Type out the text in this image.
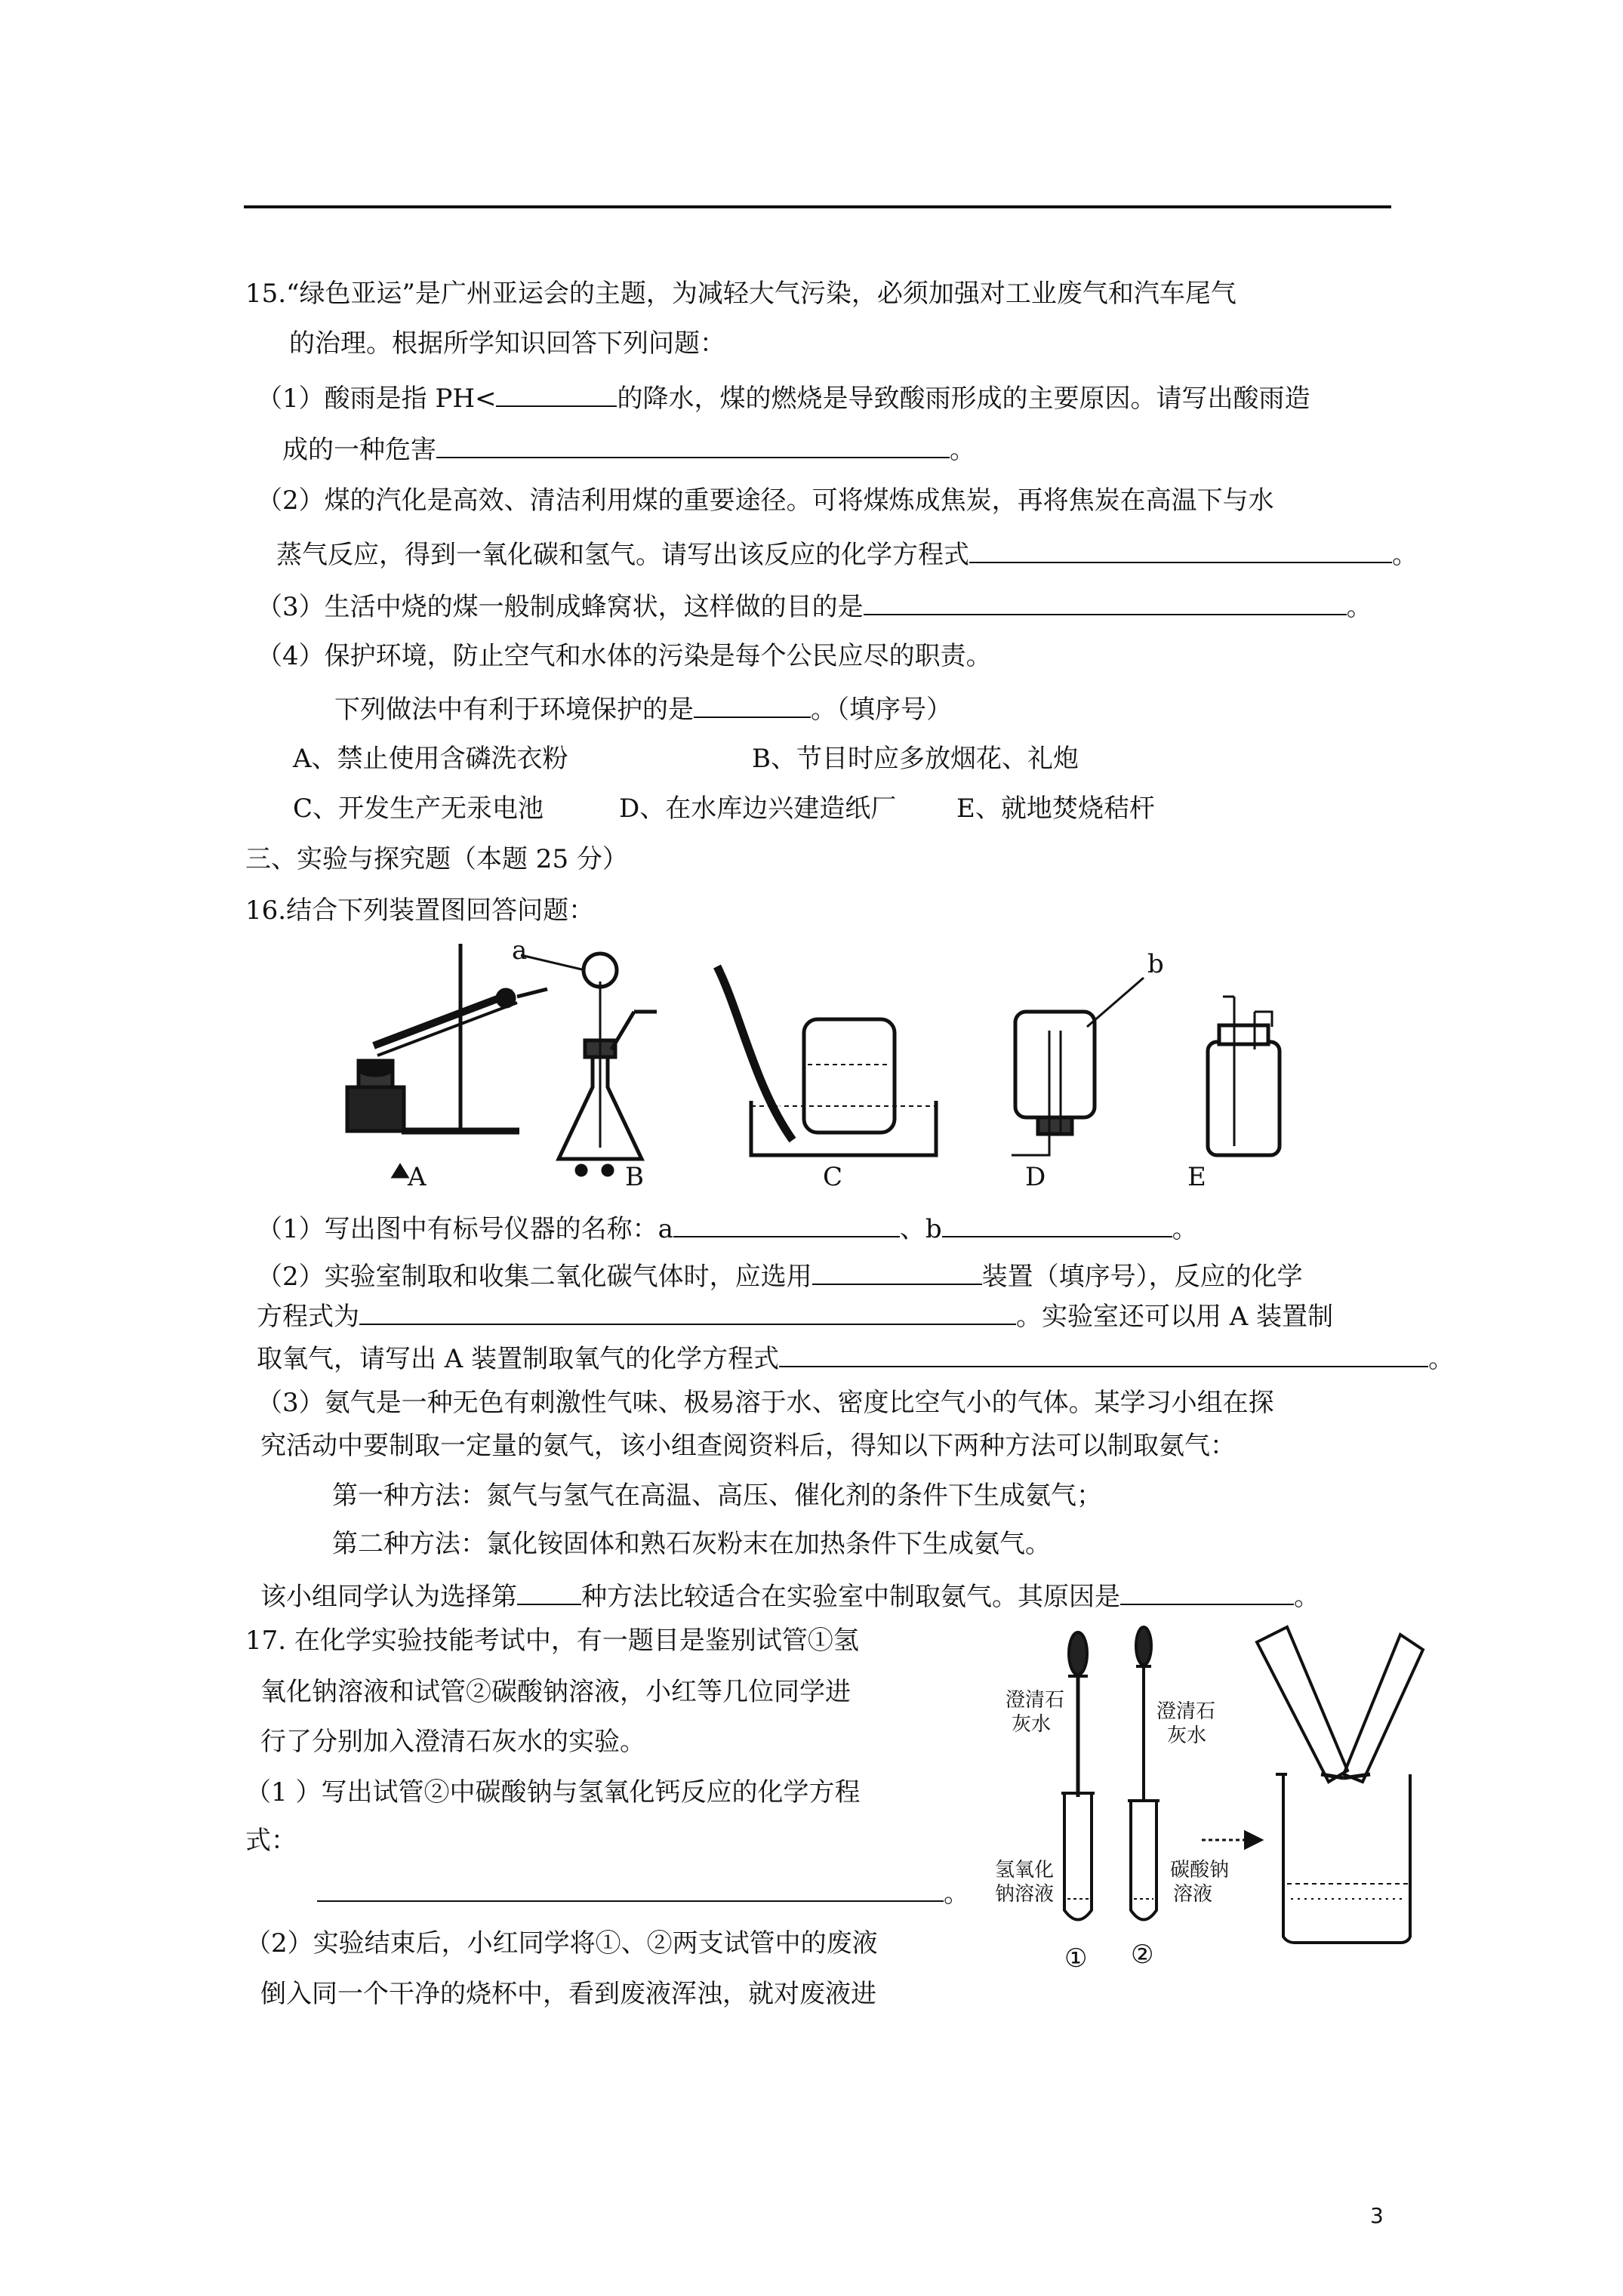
15.“绿色亚运”是广州亚运会的主题，为减轻大气污染，必须加强对工业废气和汽车尾气
的治理。根据所学知识回答下列问题：
（1）酸雨是指 PH<	的降水，煤的燃烧是导致酸雨形成的主要原因。请写出酸雨造
成的一种危害	。
（2）煤的汽化是高效、清洁利用煤的重要途径。可将煤炼成焦炭，再将焦炭在高温下与水
蒸气反应，得到一氧化碳和氢气。请写出该反应的化学方程式	。
（3）生活中烧的煤一般制成蜂窝状，这样做的目的是	。
（4）保护环境，防止空气和水体的污染是每个公民应尽的职责。
下列做法中有利于环境保护的是	。（填序号）
A、禁止使用含磷洗衣粉	B、节目时应多放烟花、礼炮
C、开发生产无汞电池	D、在水库边兴建造纸厂 E、就地焚烧秸杆
三、实验与探究题（本题 25 分）
16.结合下列装置图回答问题：
a	b
A	B	C	D	E
（1）写出图中有标号仪器的名称：a	、b	。
（2）实验室制取和收集二氧化碳气体时，应选用	装置（填序号），反应的化学
方程式为	。实验室还可以用 A 装置制
取氧气，请写出 A 装置制取氧气的化学方程式	。
（3）氨气是一种无色有刺激性气味、极易溶于水、密度比空气小的气体。某学习小组在探
究活动中要制取一定量的氨气，该小组查阅资料后，得知以下两种方法可以制取氨气：
第一种方法：氮气与氢气在高温、高压、催化剂的条件下生成氨气；
第二种方法：氯化铵固体和熟石灰粉末在加热条件下生成氨气。
该小组同学认为选择第	种方法比较适合在实验室中制取氨气。其原因是	。
17. 在化学实验技能考试中，有一题目是鉴别试管①氢
氧化钠溶液和试管②碳酸钠溶液，小红等几位同学进
行了分别加入澄清石灰水的实验。
（1 ）写出试管②中碳酸钠与氢氧化钙反应的化学方程
式：
。
（2）实验结束后，小红同学将①、②两支试管中的废液
倒入同一个干净的烧杯中，看到废液浑浊，就对废液进
澄清石
灰水
澄清石
灰水
氢氧化
钠溶液
碳酸钠
溶液
① ②
3
